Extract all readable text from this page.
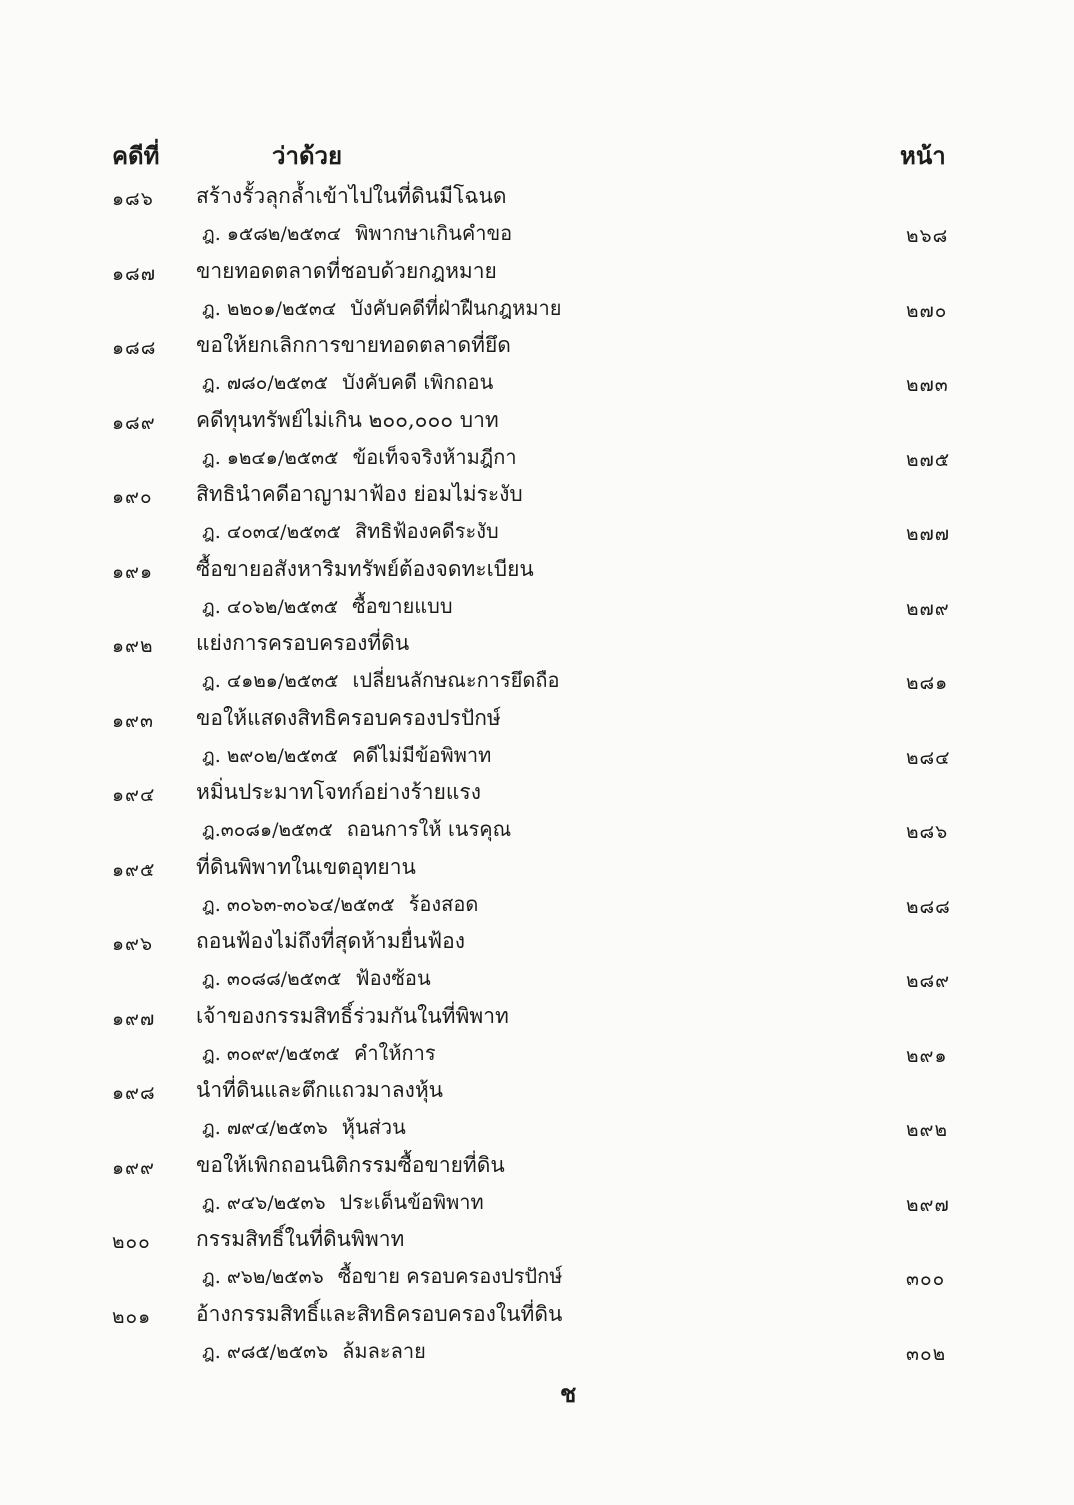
คดีที่	ว่าด้วย	หน้า
๑๘๖ สร้างรั้วลุกล้ำเข้าไปในที่ดินมีโฉนด
ฎ. ๑๕๘๒/๒๕๓๔ พิพากษาเกินคำขอ	๒๖๘
๑๘๗ ขายทอดตลาดที่ชอบด้วยกฎหมาย
ฎ. ๒๒๐๑/๒๕๓๔ บังคับคดีที่ฝ่าฝืนกฎหมาย	๒๗๐
๑๘๘ ขอให้ยกเลิกการขายทอดตลาดที่ยึด
ฎ. ๗๘๐/๒๕๓๕ บังคับคดี เพิกถอน	๒๗๓
๑๘๙ คดีทุนทรัพย์ไม่เกิน ๒๐๐,๐๐๐ บาท
ฎ. ๑๒๔๑/๒๕๓๕ ข้อเท็จจริงห้ามฎีกา	๒๗๕
๑๙๐ สิทธินำคดีอาญามาฟ้อง ย่อมไม่ระงับ
ฎ. ๔๐๓๔/๒๕๓๕ สิทธิฟ้องคดีระงับ	๒๗๗
๑๙๑ ซื้อขายอสังหาริมทรัพย์ต้องจดทะเบียน
ฎ. ๔๐๖๒/๒๕๓๕ ซื้อขายแบบ	๒๗๙
๑๙๒ แย่งการครอบครองที่ดิน
ฎ. ๔๑๒๑/๒๕๓๕ เปลี่ยนลักษณะการยึดถือ	๒๘๑
๑๙๓ ขอให้แสดงสิทธิครอบครองปรปักษ์
ฎ. ๒๙๐๒/๒๕๓๕ คดีไม่มีข้อพิพาท	๒๘๔
๑๙๔ หมิ่นประมาทโจทก์อย่างร้ายแรง
ฎ.๓๐๘๑/๒๕๓๕ ถอนการให้ เนรคุณ	๒๘๖
๑๙๕ ที่ดินพิพาทในเขตอุทยาน
ฎ. ๓๐๖๓-๓๐๖๔/๒๕๓๕ ร้องสอด	๒๘๘
๑๙๖ ถอนฟ้องไม่ถึงที่สุดห้ามยื่นฟ้อง
ฎ. ๓๐๘๘/๒๕๓๕ ฟ้องซ้อน	๒๘๙
๑๙๗ เจ้าของกรรมสิทธิ์ร่วมกันในที่พิพาท
ฎ. ๓๐๙๙/๒๕๓๕ คำให้การ	๒๙๑
๑๙๘ นำที่ดินและตึกแถวมาลงหุ้น
ฎ. ๗๙๔/๒๕๓๖ หุ้นส่วน	๒๙๒
๑๙๙ ขอให้เพิกถอนนิติกรรมซื้อขายที่ดิน
ฎ. ๙๔๖/๒๕๓๖ ประเด็นข้อพิพาท	๒๙๗
๒๐๐ กรรมสิทธิ์ในที่ดินพิพาท
ฎ. ๙๖๒/๒๕๓๖ ซื้อขาย ครอบครองปรปักษ์	๓๐๐
๒๐๑ อ้างกรรมสิทธิ์และสิทธิครอบครองในที่ดิน
ฎ. ๙๘๕/๒๕๓๖ ล้มละลาย	๓๐๒
ช
